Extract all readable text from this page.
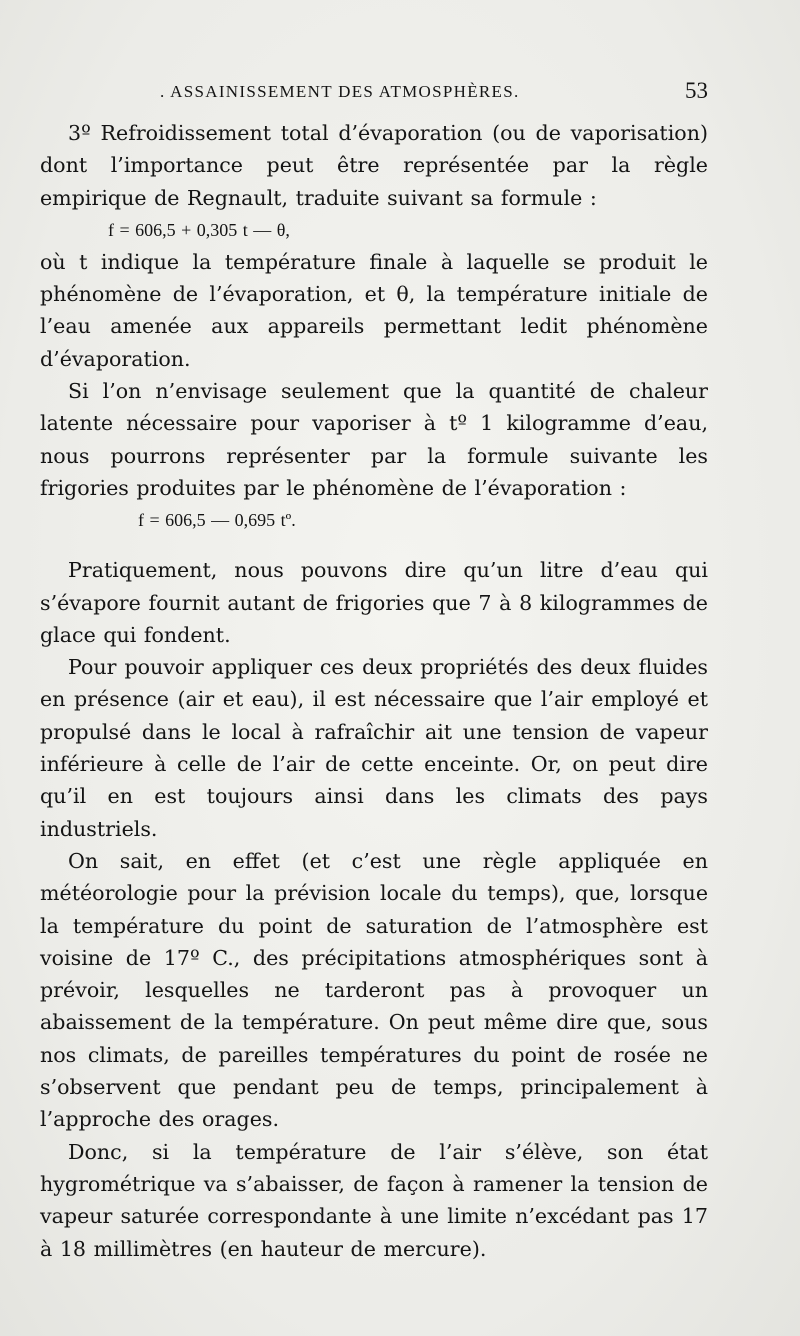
. ASSAINISSEMENT DES ATMOSPHÈRES.	53

3º Refroidissement total d’évaporation (ou de vaporisation) dont l’importance peut être représentée par la règle empirique de Regnault, traduite suivant sa formule :

f = 606,5 + 0,305 t — θ,

où t indique la température finale à laquelle se produit le phénomène de l’évaporation, et θ, la température initiale de l’eau amenée aux appareils permettant ledit phénomène d’évaporation.

Si l’on n’envisage seulement que la quantité de chaleur latente nécessaire pour vaporiser à tº 1 kilogramme d’eau, nous pourrons représenter par la formule suivante les frigories produites par le phénomène de l’évaporation :

f = 606,5 — 0,695 tº.

Pratiquement, nous pouvons dire qu’un litre d’eau qui s’évapore fournit autant de frigories que 7 à 8 kilogrammes de glace qui fondent.

Pour pouvoir appliquer ces deux propriétés des deux fluides en présence (air et eau), il est nécessaire que l’air employé et propulsé dans le local à rafraîchir ait une tension de vapeur inférieure à celle de l’air de cette enceinte. Or, on peut dire qu’il en est toujours ainsi dans les climats des pays industriels.

On sait, en effet (et c’est une règle appliquée en météorologie pour la prévision locale du temps), que, lorsque la température du point de saturation de l’atmosphère est voisine de 17º C., des précipitations atmosphériques sont à prévoir, lesquelles ne tarderont pas à provoquer un abaissement de la température. On peut même dire que, sous nos climats, de pareilles températures du point de rosée ne s’observent que pendant peu de temps, principalement à l’approche des orages.

Donc, si la température de l’air s’élève, son état hygrométrique va s’abaisser, de façon à ramener la tension de vapeur saturée correspondante à une limite n’excédant pas 17 à 18 millimètres (en hauteur de mercure).
